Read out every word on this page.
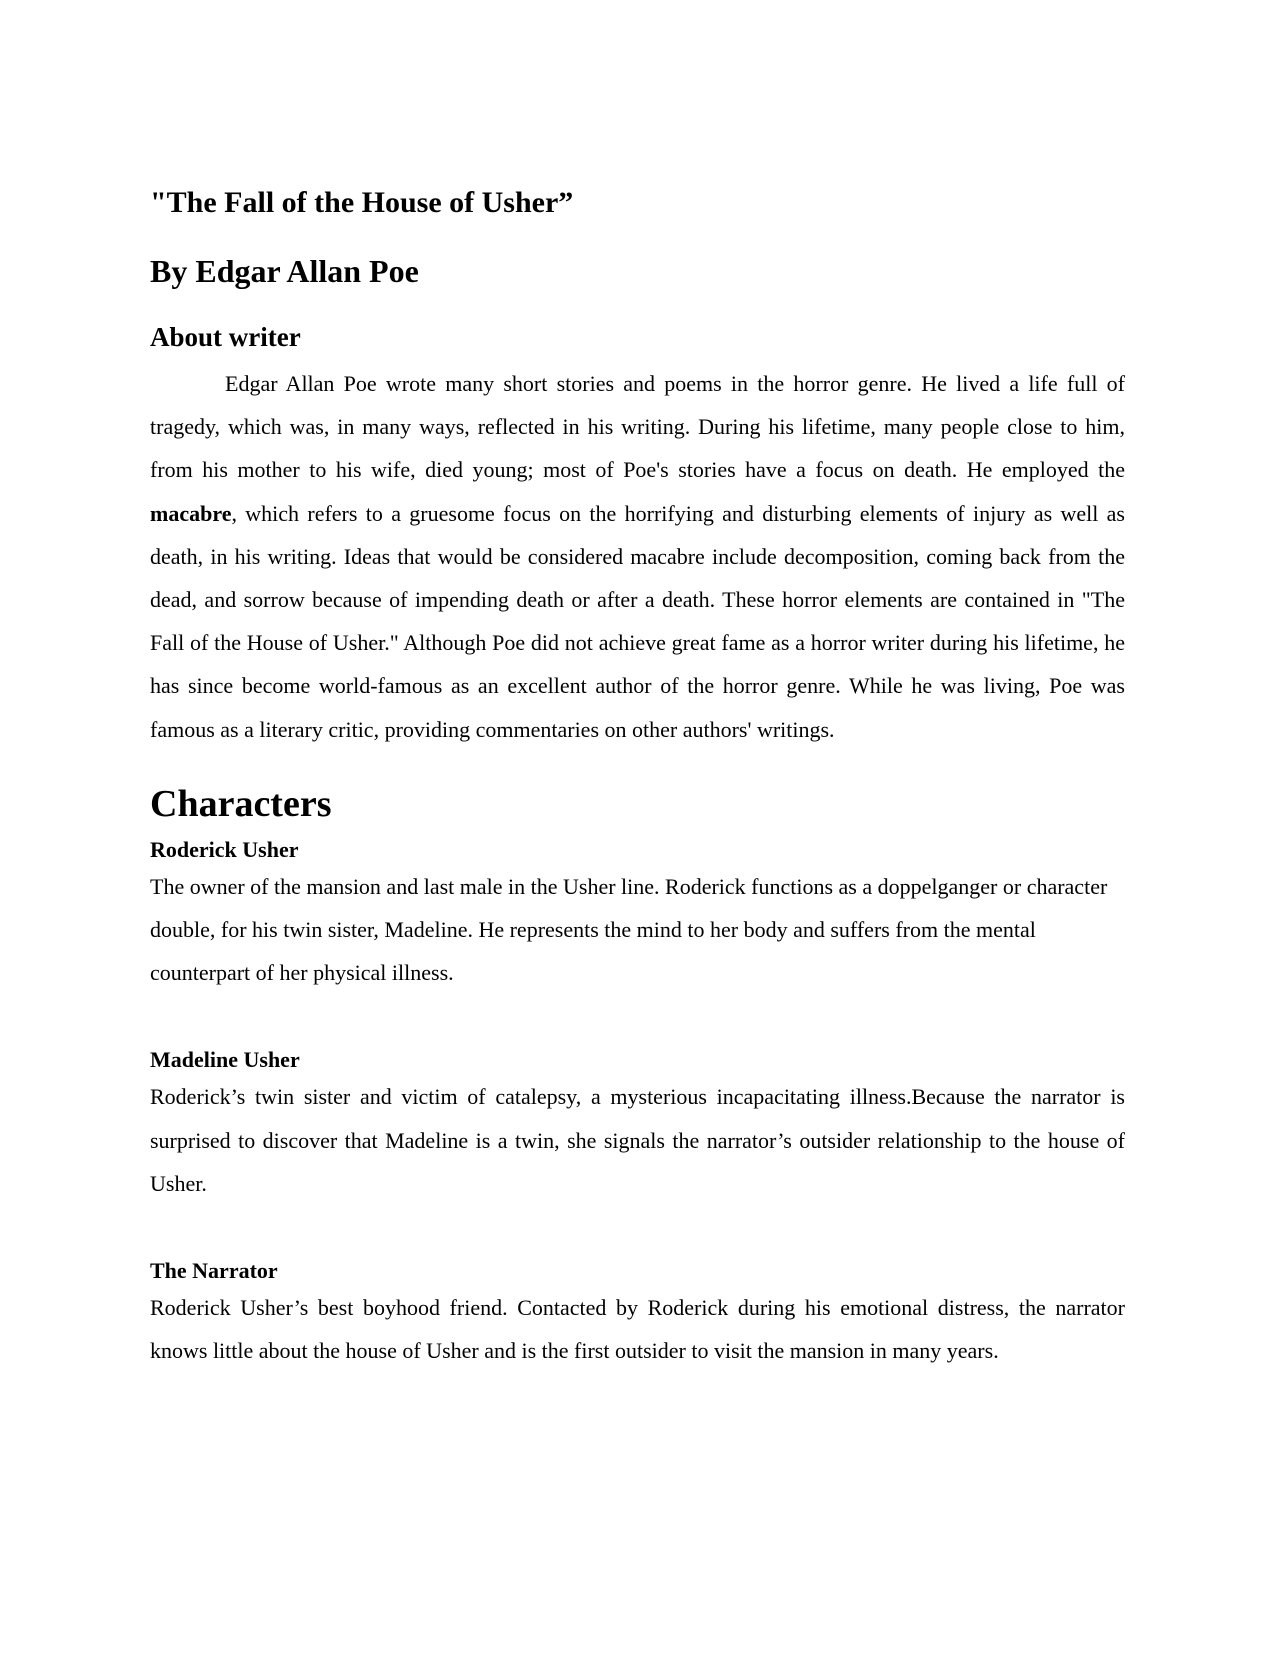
"The Fall of the House of Usher”
By Edgar Allan Poe
About writer

Edgar Allan Poe wrote many short stories and poems in the horror genre. He lived a life full of tragedy, which was, in many ways, reflected in his writing. During his lifetime, many people close to him, from his mother to his wife, died young; most of Poe's stories have a focus on death. He employed the macabre, which refers to a gruesome focus on the horrifying and disturbing elements of injury as well as death, in his writing. Ideas that would be considered macabre include decomposition, coming back from the dead, and sorrow because of impending death or after a death. These horror elements are contained in "The Fall of the House of Usher." Although Poe did not achieve great fame as a horror writer during his lifetime, he has since become world-famous as an excellent author of the horror genre. While he was living, Poe was famous as a literary critic, providing commentaries on other authors' writings.

Characters
Roderick Usher

The owner of the mansion and last male in the Usher line. Roderick functions as a doppelganger or character double, for his twin sister, Madeline. He represents the mind to her body and suffers from the mental counterpart of her physical illness.

Madeline Usher

Roderick’s twin sister and victim of catalepsy, a mysterious incapacitating illness.Because the narrator is surprised to discover that Madeline is a twin, she signals the narrator’s outsider relationship to the house of Usher.

The Narrator

Roderick Usher’s best boyhood friend. Contacted by Roderick during his emotional distress, the narrator knows little about the house of Usher and is the first outsider to visit the mansion in many years.
